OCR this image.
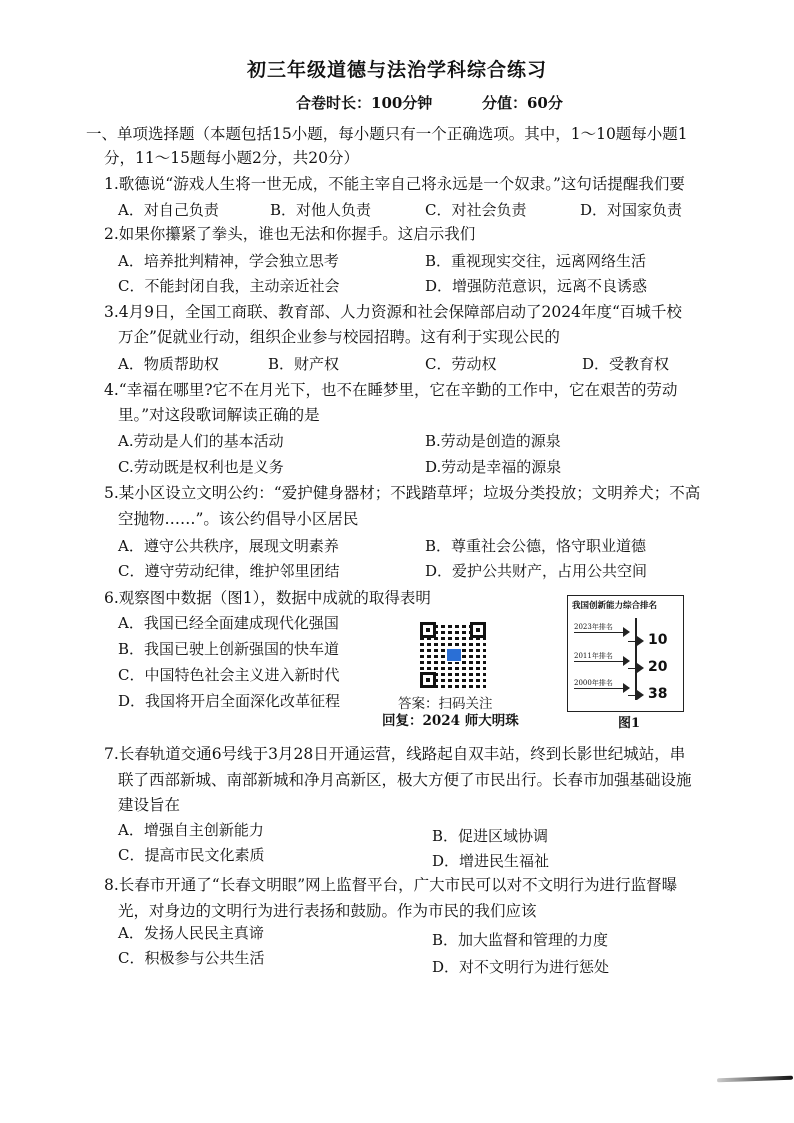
初三年级道德与法治学科综合练习
合卷时长：100分钟	分值：60分
一、单项选择题（本题包括15小题，每小题只有一个正确选项。其中，1～10题每小题1
分，11～15题每小题2分，共20分）
1.歌德说“游戏人生将一世无成，不能主宰自己将永远是一个奴隶。”这句话提醒我们要
A．对自己负责	B．对他人负责	C．对社会负责	D．对国家负责
2.如果你攥紧了拳头，谁也无法和你握手。这启示我们
A．培养批判精神，学会独立思考	B．重视现实交往，远离网络生活
C．不能封闭自我，主动亲近社会	D．增强防范意识，远离不良诱惑
3.4月9日，全国工商联、教育部、人力资源和社会保障部启动了2024年度“百城千校
万企”促就业行动，组织企业参与校园招聘。这有利于实现公民的
A．物质帮助权	B．财产权	C．劳动权	D．受教育权
4.“幸福在哪里?它不在月光下，也不在睡梦里，它在辛勤的工作中，它在艰苦的劳动
里。”对这段歌词解读正确的是
A.劳动是人们的基本活动	B.劳动是创造的源泉
C.劳动既是权利也是义务	D.劳动是幸福的源泉
5.某小区设立文明公约：“爱护健身器材；不践踏草坪；垃圾分类投放；文明养犬；不高
空抛物……”。该公约倡导小区居民
A．遵守公共秩序，展现文明素养	B．尊重社会公德，恪守职业道德
C．遵守劳动纪律，维护邻里团结	D．爱护公共财产，占用公共空间
6.观察图中数据（图1），数据中成就的取得表明
A．我国已经全面建成现代化强国
B．我国已驶上创新强国的快车道
C．中国特色社会主义进入新时代
D．我国将开启全面深化改革征程	答案：扫码关注
回复：2024 师大明珠
我国创新能力综合排名
2023年排名
10
2011年排名
20
2000年排名
38
图1
7.长春轨道交通6号线于3月28日开通运营，线路起自双丰站，终到长影世纪城站，串
联了西部新城、南部新城和净月高新区，极大方便了市民出行。长春市加强基础设施
建设旨在
A．增强自主创新能力	B．促进区域协调
C．提高市民文化素质	D．增进民生福祉
8.长春市开通了“长春文明眼”网上监督平台，广大市民可以对不文明行为进行监督曝
光，对身边的文明行为进行表扬和鼓励。作为市民的我们应该
A．发扬人民民主真谛	B．加大监督和管理的力度
C．积极参与公共生活	D．对不文明行为进行惩处
